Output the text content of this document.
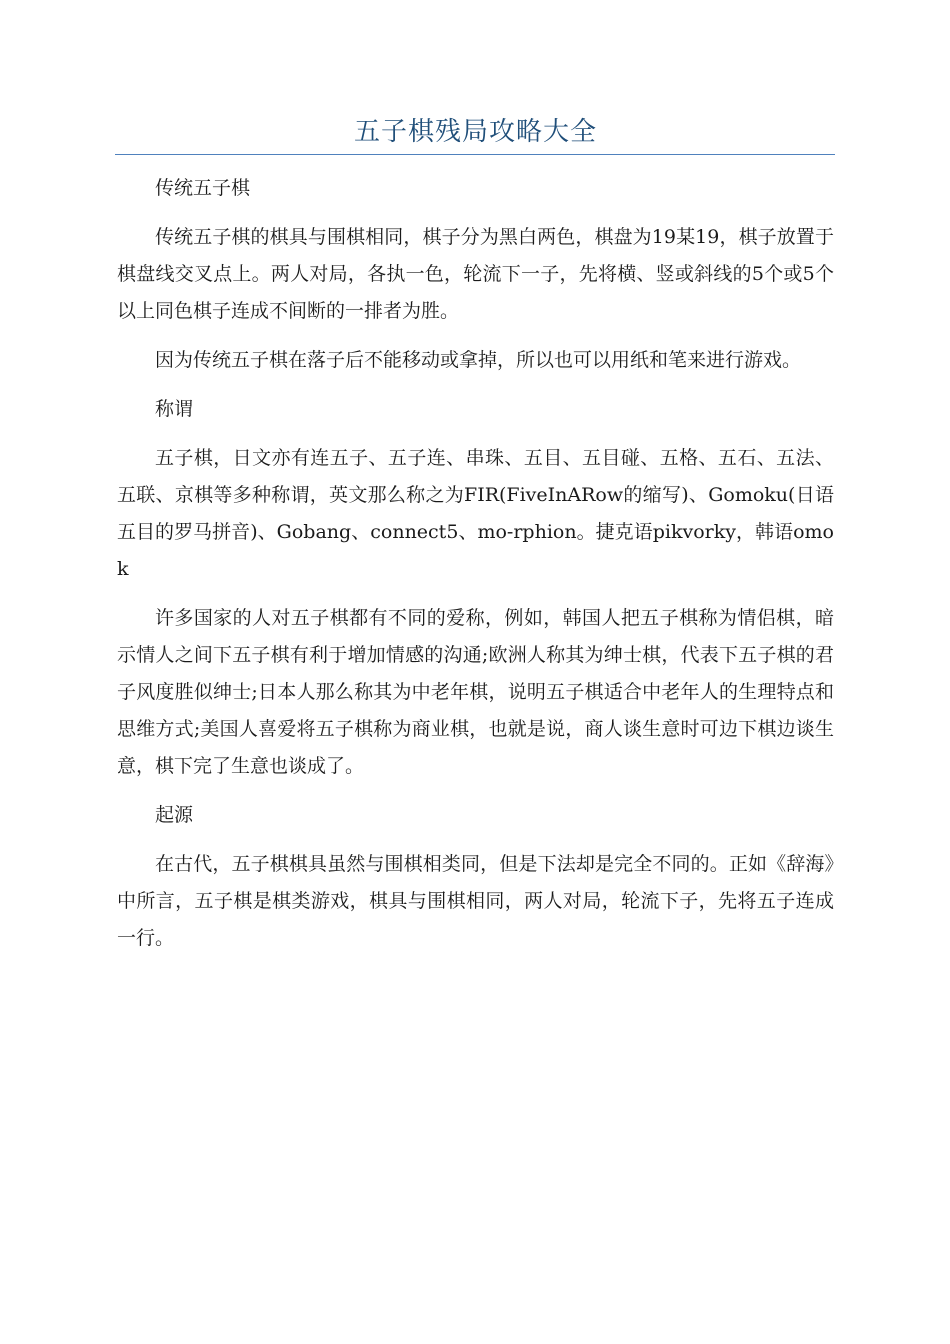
五子棋残局攻略大全

传统五子棋

传统五子棋的棋具与围棋相同，棋子分为黑白两色，棋盘为19某19，棋子放置于棋盘线交叉点上。两人对局，各执一色，轮流下一子，先将横、竖或斜线的5个或5个以上同色棋子连成不间断的一排者为胜。

因为传统五子棋在落子后不能移动或拿掉，所以也可以用纸和笔来进行游戏。

称谓

五子棋，日文亦有连五子、五子连、串珠、五目、五目碰、五格、五石、五法、五联、京棋等多种称谓，英文那么称之为FIR(FiveInARow的缩写)、Gomoku(日语五目的罗马拼音)、Gobang、connect5、mo-rphion。捷克语pikvorky，韩语omok

许多国家的人对五子棋都有不同的爱称，例如，韩国人把五子棋称为情侣棋，暗示情人之间下五子棋有利于增加情感的沟通;欧洲人称其为绅士棋，代表下五子棋的君子风度胜似绅士;日本人那么称其为中老年棋，说明五子棋适合中老年人的生理特点和思维方式;美国人喜爱将五子棋称为商业棋，也就是说，商人谈生意时可边下棋边谈生意，棋下完了生意也谈成了。

起源

在古代，五子棋棋具虽然与围棋相类同，但是下法却是完全不同的。正如《辞海》中所言，五子棋是棋类游戏，棋具与围棋相同，两人对局，轮流下子，先将五子连成一行。
